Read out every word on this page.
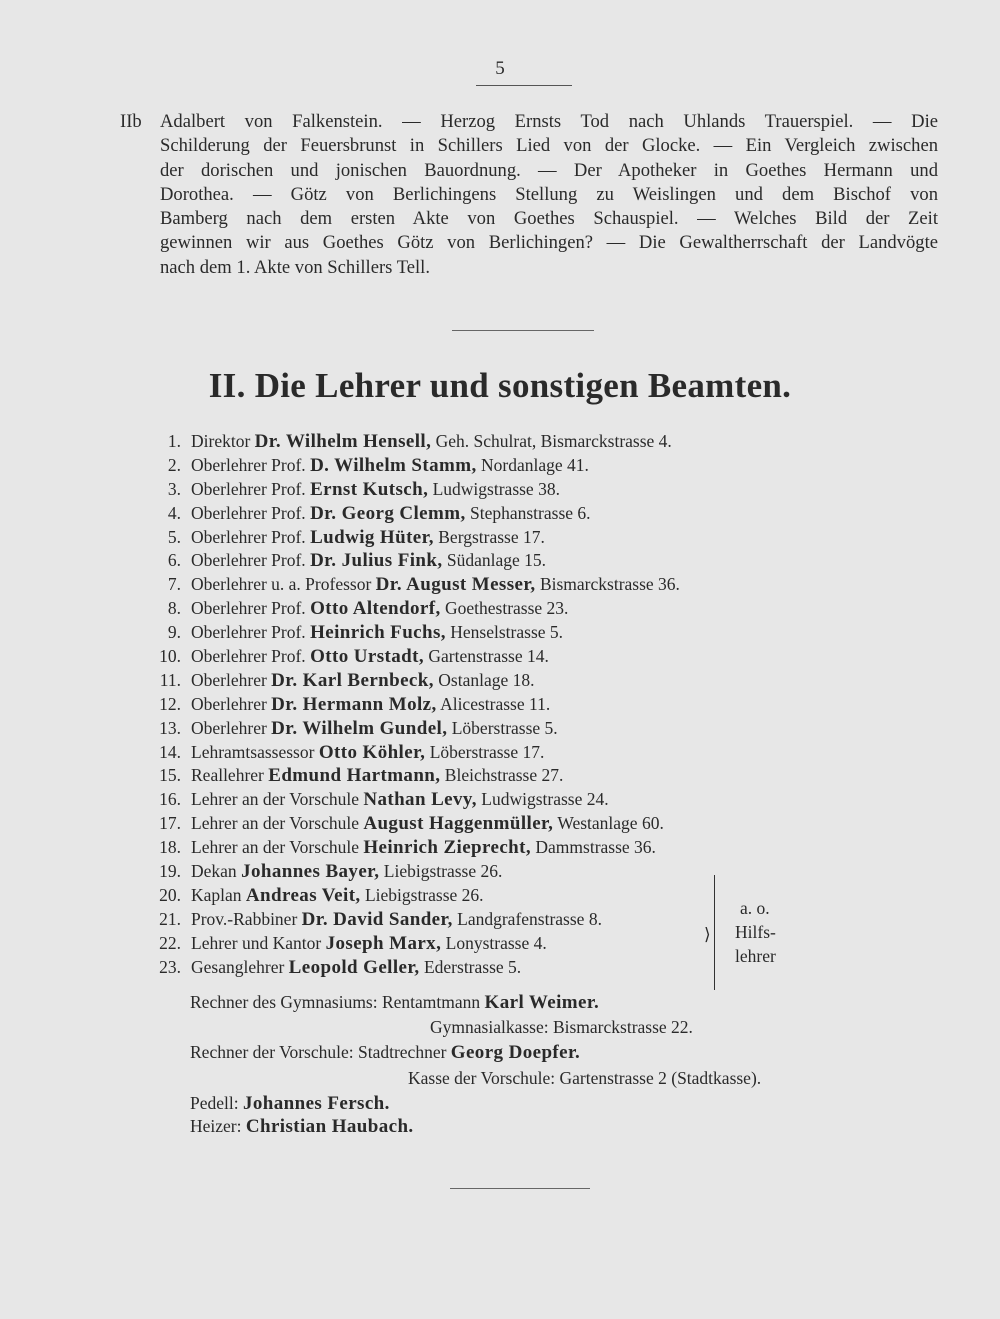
5
IIb Adalbert von Falkenstein. — Herzog Ernsts Tod nach Uhlands Trauerspiel. — Die
Schilderung der Feuersbrunst in Schillers Lied von der Glocke. — Ein Vergleich zwischen
der dorischen und jonischen Bauordnung. — Der Apotheker in Goethes Hermann und
Dorothea. — Götz von Berlichingens Stellung zu Weislingen und dem Bischof von
Bamberg nach dem ersten Akte von Goethes Schauspiel. — Welches Bild der Zeit
gewinnen wir aus Goethes Götz von Berlichingen? — Die Gewaltherrschaft der Landvögte
nach dem 1. Akte von Schillers Tell.
II. Die Lehrer und sonstigen Beamten.
1. Direktor Dr. Wilhelm Hensell, Geh. Schulrat, Bismarckstrasse 4.
2. Oberlehrer Prof. D. Wilhelm Stamm, Nordanlage 41.
3. Oberlehrer Prof. Ernst Kutsch, Ludwigstrasse 38.
4. Oberlehrer Prof. Dr. Georg Clemm, Stephanstrasse 6.
5. Oberlehrer Prof. Ludwig Hüter, Bergstrasse 17.
6. Oberlehrer Prof. Dr. Julius Fink, Südanlage 15.
7. Oberlehrer u. a. Professor Dr. August Messer, Bismarckstrasse 36.
8. Oberlehrer Prof. Otto Altendorf, Goethestrasse 23.
9. Oberlehrer Prof. Heinrich Fuchs, Henselstrasse 5.
10. Oberlehrer Prof. Otto Urstadt, Gartenstrasse 14.
11. Oberlehrer Dr. Karl Bernbeck, Ostanlage 18.
12. Oberlehrer Dr. Hermann Molz, Alicestrasse 11.
13. Oberlehrer Dr. Wilhelm Gundel, Löberstrasse 5.
14. Lehramtsassessor Otto Köhler, Löberstrasse 17.
15. Reallehrer Edmund Hartmann, Bleichstrasse 27.
16. Lehrer an der Vorschule Nathan Levy, Ludwigstrasse 24.
17. Lehrer an der Vorschule August Haggenmüller, Westanlage 60.
18. Lehrer an der Vorschule Heinrich Zieprecht, Dammstrasse 36.
19. Dekan Johannes Bayer, Liebigstrasse 26.
20. Kaplan Andreas Veit, Liebigstrasse 26.
21. Prov.-Rabbiner Dr. David Sander, Landgrafenstrasse 8.
22. Lehrer und Kantor Joseph Marx, Lonystrasse 4.
23. Gesanglehrer Leopold Geller, Ederstrasse 5.
⟩
a. o.
Hilfs-
lehrer
Rechner des Gymnasiums: Rentamtmann Karl Weimer.
Gymnasialkasse: Bismarckstrasse 22.
Rechner der Vorschule: Stadtrechner Georg Doepfer.
Kasse der Vorschule: Gartenstrasse 2 (Stadtkasse).
Pedell: Johannes Fersch.
Heizer: Christian Haubach.
